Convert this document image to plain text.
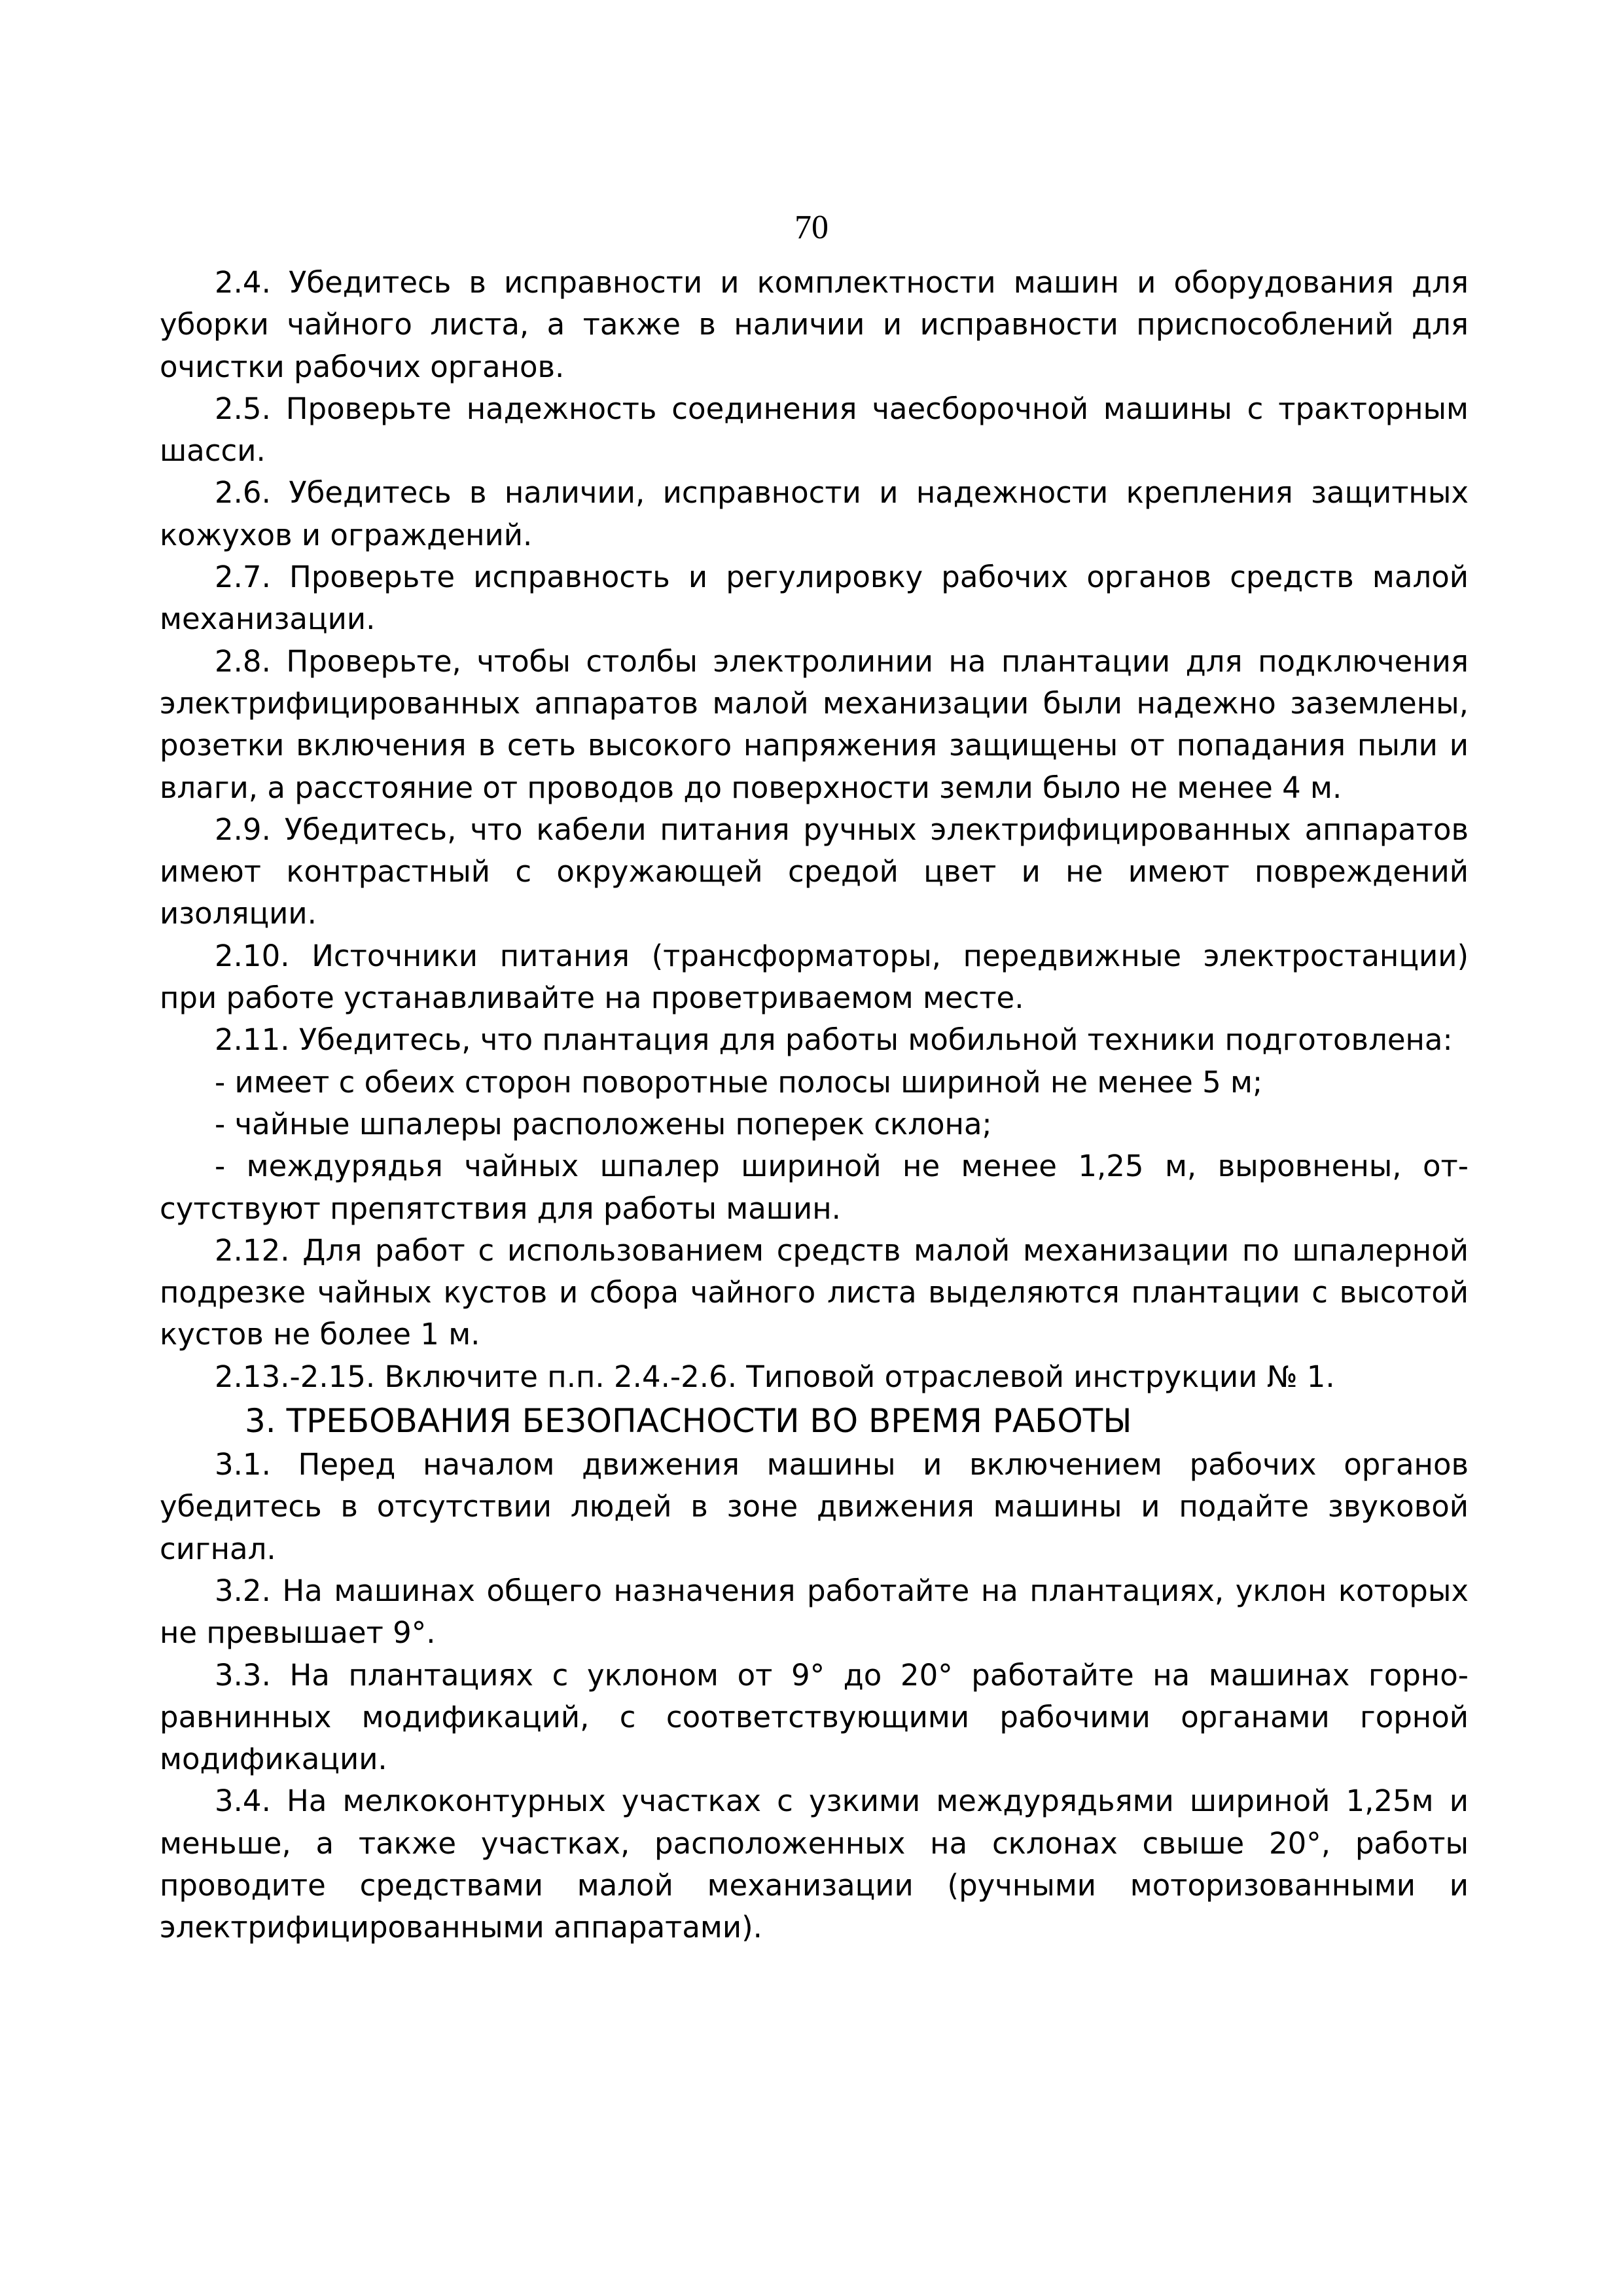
70

2.4. Убедитесь в исправности и комплектности машин и оборудования для уборки чайного листа, а также в наличии и исправности приспособлений для очистки рабочих органов.

2.5. Проверьте надежность соединения чаесборочной машины с тракторным шасси.

2.6. Убедитесь в наличии, исправности и надежности крепления защитных кожухов и ограждений.

2.7. Проверьте исправность и регулировку рабочих органов средств малой механизации.

2.8. Проверьте, чтобы столбы электролинии на плантации для подключения электрифицированных аппаратов малой механизации были надежно заземлены, розетки включения в сеть высокого напряжения защищены от попадания пыли и влаги, а расстояние от проводов до поверхности земли было не менее 4 м.

2.9. Убедитесь, что кабели питания ручных электрифицированных аппаратов имеют контрастный с окружающей средой цвет и не имеют повреждений изоляции.

2.10. Источники питания (трансформаторы, передвижные электростанции) при работе устанавливайте на проветриваемом месте.

2.11. Убедитесь, что плантация для работы мобильной техники подготовлена:

- имеет с обеих сторон поворотные полосы шириной не менее 5 м;

- чайные шпалеры расположены поперек склона;

- междурядья чайных шпалер шириной не менее 1,25 м, выровнены, отсутствуют препятствия для работы машин.

2.12. Для работ с использованием средств малой механизации по шпалерной подрезке чайных кустов и сбора чайного листа выделяются плантации с высотой кустов не более 1 м.

2.13.-2.15. Включите п.п. 2.4.-2.6. Типовой отраслевой инструкции № 1.

3. ТРЕБОВАНИЯ БЕЗОПАСНОСТИ ВО ВРЕМЯ РАБОТЫ

3.1. Перед началом движения машины и включением рабочих органов убедитесь в отсутствии людей в зоне движения машины и подайте звуковой сигнал.

3.2. На машинах общего назначения работайте на плантациях, уклон которых не превышает 9°.

3.3. На плантациях с уклоном от 9° до 20° работайте на машинах горноравнинных модификаций, с соответствующими рабочими органами горной модификации.

3.4. На мелкоконтурных участках с узкими междурядьями шириной 1,25м и меньше, а также участках, расположенных на склонах свыше 20°, работы проводите средствами малой механизации (ручными моторизованными и электрифицированными аппаратами).
